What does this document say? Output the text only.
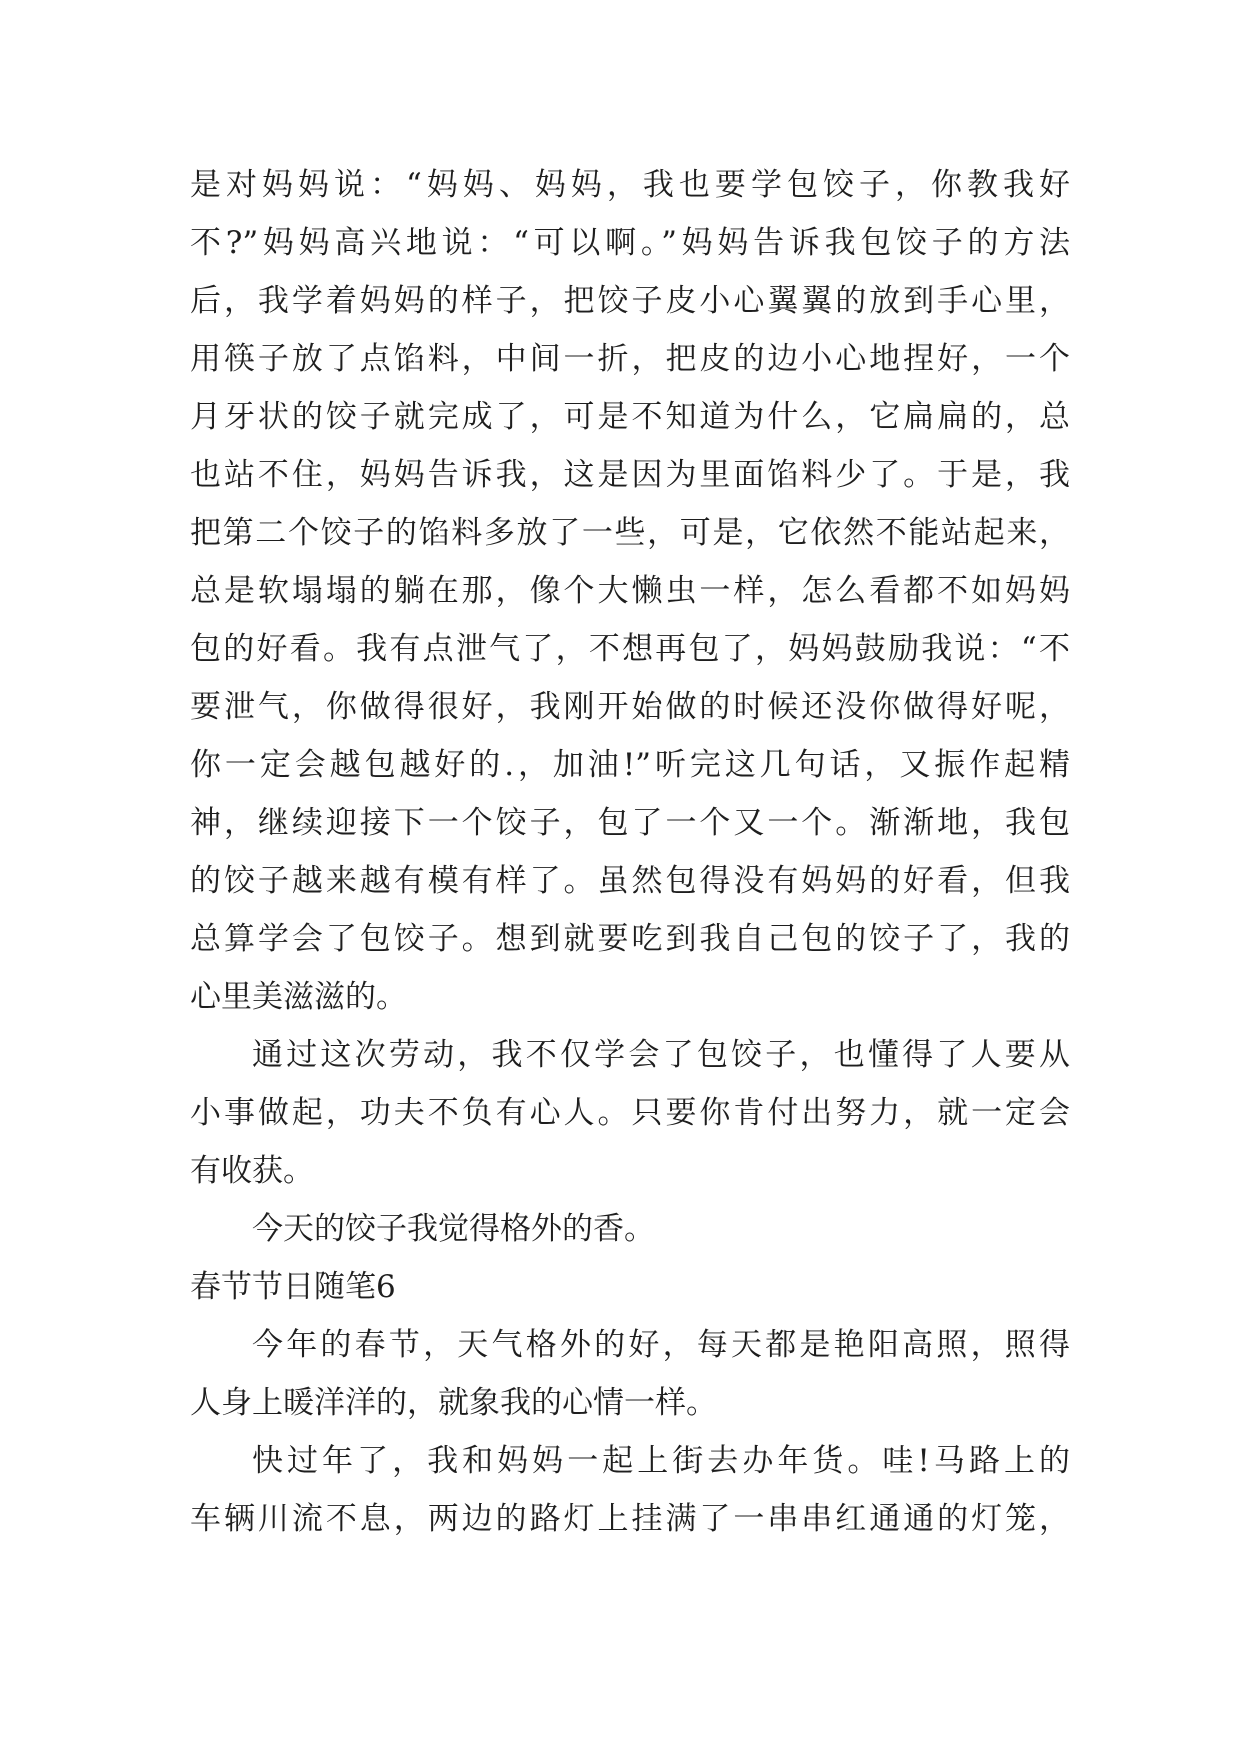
是对妈妈说：“妈妈、妈妈，我也要学包饺子，你教我好
不?”妈妈高兴地说：“可以啊。”妈妈告诉我包饺子的方法
后，我学着妈妈的样子，把饺子皮小心翼翼的放到手心里，
用筷子放了点馅料，中间一折，把皮的边小心地捏好，一个
月牙状的饺子就完成了，可是不知道为什么，它扁扁的，总
也站不住，妈妈告诉我，这是因为里面馅料少了。于是，我
把第二个饺子的馅料多放了一些，可是，它依然不能站起来，
总是软塌塌的躺在那，像个大懒虫一样，怎么看都不如妈妈
包的好看。我有点泄气了，不想再包了，妈妈鼓励我说：“不
要泄气，你做得很好，我刚开始做的时候还没你做得好呢，
你一定会越包越好的.，加油!”听完这几句话，又振作起精
神，继续迎接下一个饺子，包了一个又一个。渐渐地，我包
的饺子越来越有模有样了。虽然包得没有妈妈的好看，但我
总算学会了包饺子。想到就要吃到我自己包的饺子了，我的
心里美滋滋的。
通过这次劳动，我不仅学会了包饺子，也懂得了人要从
小事做起，功夫不负有心人。只要你肯付出努力，就一定会
有收获。
今天的饺子我觉得格外的香。
春节节日随笔6
今年的春节，天气格外的好，每天都是艳阳高照，照得
人身上暖洋洋的，就象我的心情一样。
快过年了，我和妈妈一起上街去办年货。哇!马路上的
车辆川流不息，两边的路灯上挂满了一串串红通通的灯笼，
